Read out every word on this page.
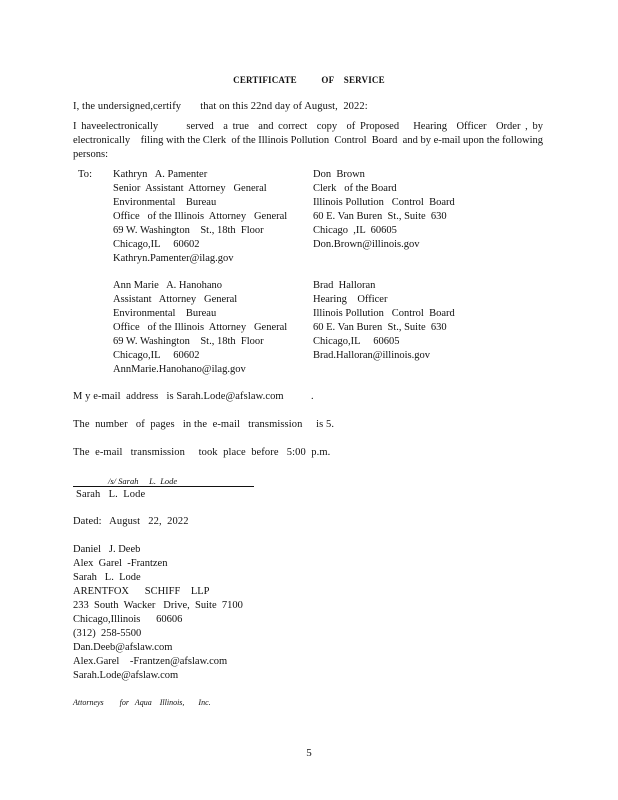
CERTIFICATE          OF    SERVICE
I, the undersigned,certify       that on this 22nd day of August,  2022:
I haveelectronically      served  a true  and correct  copy  of Proposed   Hearing  Officer  Order , by electronically    filing with the Clerk  of the Illinois Pollution  Control  Board  and by e-mail upon the following  persons:
To: Kathryn   A. Pamenter
Senior  Assistant  Attorney   General
Environmental    Bureau
Office   of the Illinois  Attorney   General
69 W. Washington    St., 18th  Floor
Chicago,IL     60602
Kathryn.Pamenter@ilag.gov
Ann Marie   A. Hanohano
Assistant   Attorney   General
Environmental    Bureau
Office   of the Illinois  Attorney   General
69 W. Washington    St., 18th  Floor
Chicago,IL     60602
AnnMarie.Hanohano@ilag.gov
Don  Brown
Clerk   of the Board
Illinois Pollution   Control  Board
60 E. Van Buren  St., Suite  630
Chicago  ,IL  60605
Don.Brown@illinois.gov
Brad  Halloran
Hearing    Officer
Illinois Pollution   Control  Board
60 E. Van Buren  St., Suite  630
Chicago,IL     60605
Brad.Halloran@illinois.gov
M y e-mail  address   is Sarah.Lode@afslaw.com          .
The  number   of  pages   in the  e-mail   transmission     is 5.
The  e-mail   transmission     took  place  before   5:00  p.m.
/s/ Sarah     L.  Lode
Sarah   L.  Lode
Dated:   August   22,  2022
Daniel   J. Deeb
Alex  Garel  -Frantzen
Sarah   L.  Lode
ARENTFOX      SCHIFF    LLP
233  South  Wacker   Drive,  Suite  7100
Chicago,Illinois      60606
(312)  258-5500
Dan.Deeb@afslaw.com
Alex.Garel    -Frantzen@afslaw.com
Sarah.Lode@afslaw.com
Attorneys        for   Aqua    Illinois,       Inc.
5
